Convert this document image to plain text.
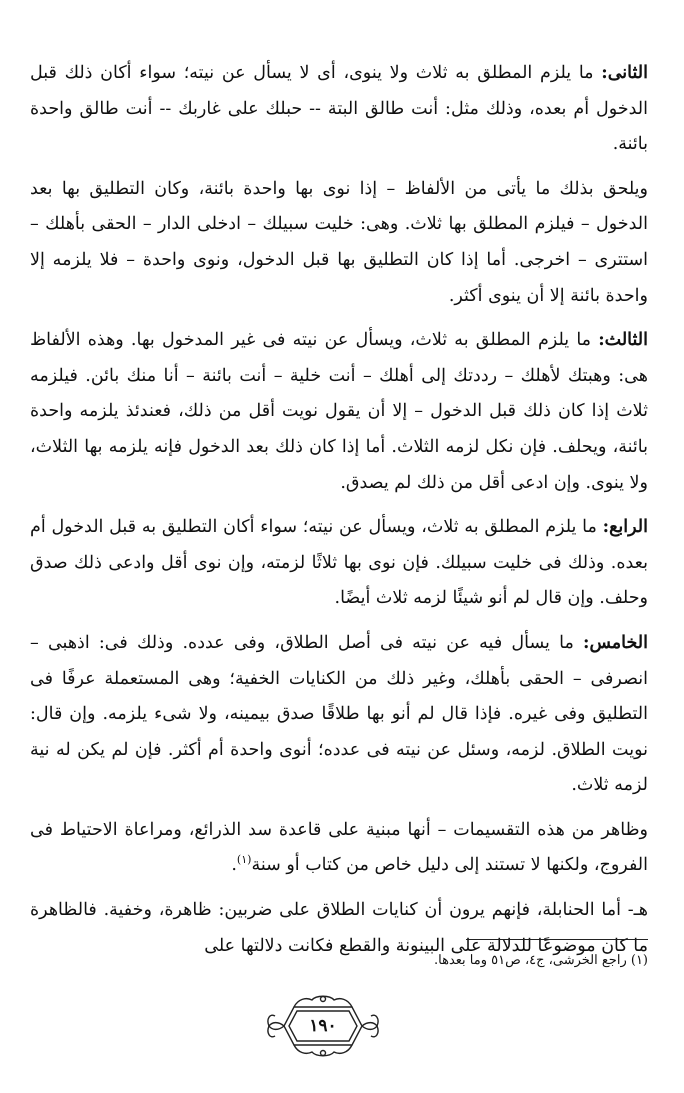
الثانى: ما يلزم المطلق به ثلاث ولا ينوى، أى لا يسأل عن نيته؛ سواء أكان ذلك قبل الدخول أم بعده، وذلك مثل: أنت طالق البتة -- حبلك على غاربك -- أنت طالق واحدة بائنة.

ويلحق بذلك ما يأتى من الألفاظ – إذا نوى بها واحدة بائنة، وكان التطليق بها بعد الدخول – فيلزم المطلق بها ثلاث. وهى: خليت سبيلك – ادخلى الدار – الحقى بأهلك – استترى – اخرجى. أما إذا كان التطليق بها قبل الدخول، ونوى واحدة – فلا يلزمه إلا واحدة بائنة إلا أن ينوى أكثر.

الثالث: ما يلزم المطلق به ثلاث، ويسأل عن نيته فى غير المدخول بها. وهذه الألفاظ هى: وهبتك لأهلك – رددتك إلى أهلك – أنت خلية – أنت بائنة – أنا منك بائن. فيلزمه ثلاث إذا كان ذلك قبل الدخول – إلا أن يقول نويت أقل من ذلك، فعندئذ يلزمه واحدة بائنة، ويحلف. فإن نكل لزمه الثلاث. أما إذا كان ذلك بعد الدخول فإنه يلزمه بها الثلاث، ولا ينوى. وإن ادعى أقل من ذلك لم يصدق.

الرابع: ما يلزم المطلق به ثلاث، ويسأل عن نيته؛ سواء أكان التطليق به قبل الدخول أم بعده. وذلك فى خليت سبيلك. فإن نوى بها ثلاثًا لزمته، وإن نوى أقل وادعى ذلك صدق وحلف. وإن قال لم أنو شيئًا لزمه ثلاث أيضًا.

الخامس: ما يسأل فيه عن نيته فى أصل الطلاق، وفى عدده. وذلك فى: اذهبى – انصرفى – الحقى بأهلك، وغير ذلك من الكنايات الخفية؛ وهى المستعملة عرفًا فى التطليق وفى غيره. فإذا قال لم أنو بها طلاقًا صدق بيمينه، ولا شىء يلزمه. وإن قال: نويت الطلاق. لزمه، وسئل عن نيته فى عدده؛ أنوى واحدة أم أكثر. فإن لم يكن له نية لزمه ثلاث.

وظاهر من هذه التقسيمات – أنها مبنية على قاعدة سد الذرائع، ومراعاة الاحتياط فى الفروج، ولكنها لا تستند إلى دليل خاص من كتاب أو سنة$^{(١)}$.

هـ- أما الحنابلة، فإنهم يرون أن كنايات الطلاق على ضربين: ظاهرة، وخفية. فالظاهرة ما كان موضوعًا للدلالة على البينونة والقطع فكانت دلالتها على

(١) راجع الخرشى، ج٤، ص٥١ وما بعدها.
١٩٠
